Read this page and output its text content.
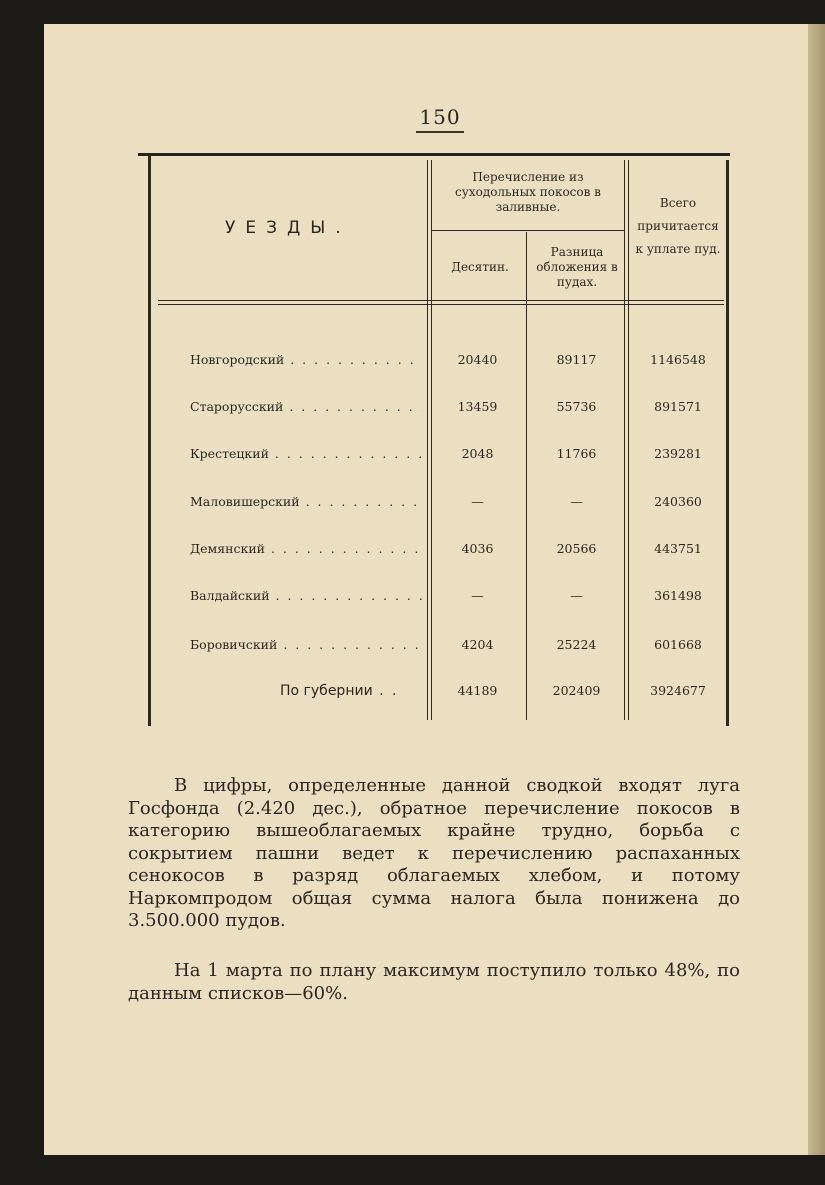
150
УЕЗДЫ.
Перечисление из суходольных покосов в заливные.
Десятин.
Разница обложения в пудах.
Всего причитается к уплате пуд.
Новгородский . . .	20440	89117	1146548
Старорусский . . .	13459	55736	891571
Крестецкий . . .	2048	11766	239281
Маловишерский . . .	—	—	240360
Демянский . . .	4036	20566	443751
Валдайский . . .	—	—	361498
Боровичский . . .	4204	25224	601668
По губернии . .	44189	202409	3924677
В цифры, определенные данной сводкой входят луга Госфонда (2.420 дес.), обратное перечисление покосов в категорию вышеоблагаемых крайне трудно, борьба с сокрытием пашни ведет к перечислению распаханных сенокосов в разряд облагаемых хлебом, и потому Наркомпродом общая сумма налога была понижена до 3.500.000 пудов.
На 1 марта по плану максимум поступило только 48%, по данным списков—60%.
